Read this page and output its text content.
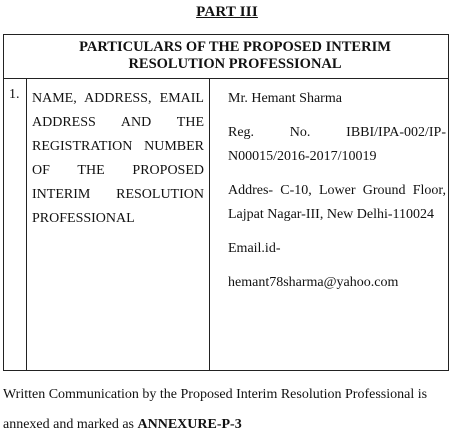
PART III
PARTICULARS OF THE PROPOSED INTERIM
RESOLUTION PROFESSIONAL
1. NAME, ADDRESS, EMAIL ADDRESS AND THE REGISTRATION NUMBER OF THE PROPOSED INTERIM RESOLUTION PROFESSIONAL
Mr. Hemant Sharma
Reg. No. IBBI/IPA-002/IP-N00015/2016-2017/10019
Addres- C-10, Lower Ground Floor, Lajpat Nagar-III, New Delhi-110024
Email.id-
hemant78sharma@yahoo.com
Written Communication by the Proposed Interim Resolution Professional is annexed and marked as ANNEXURE-P-3
